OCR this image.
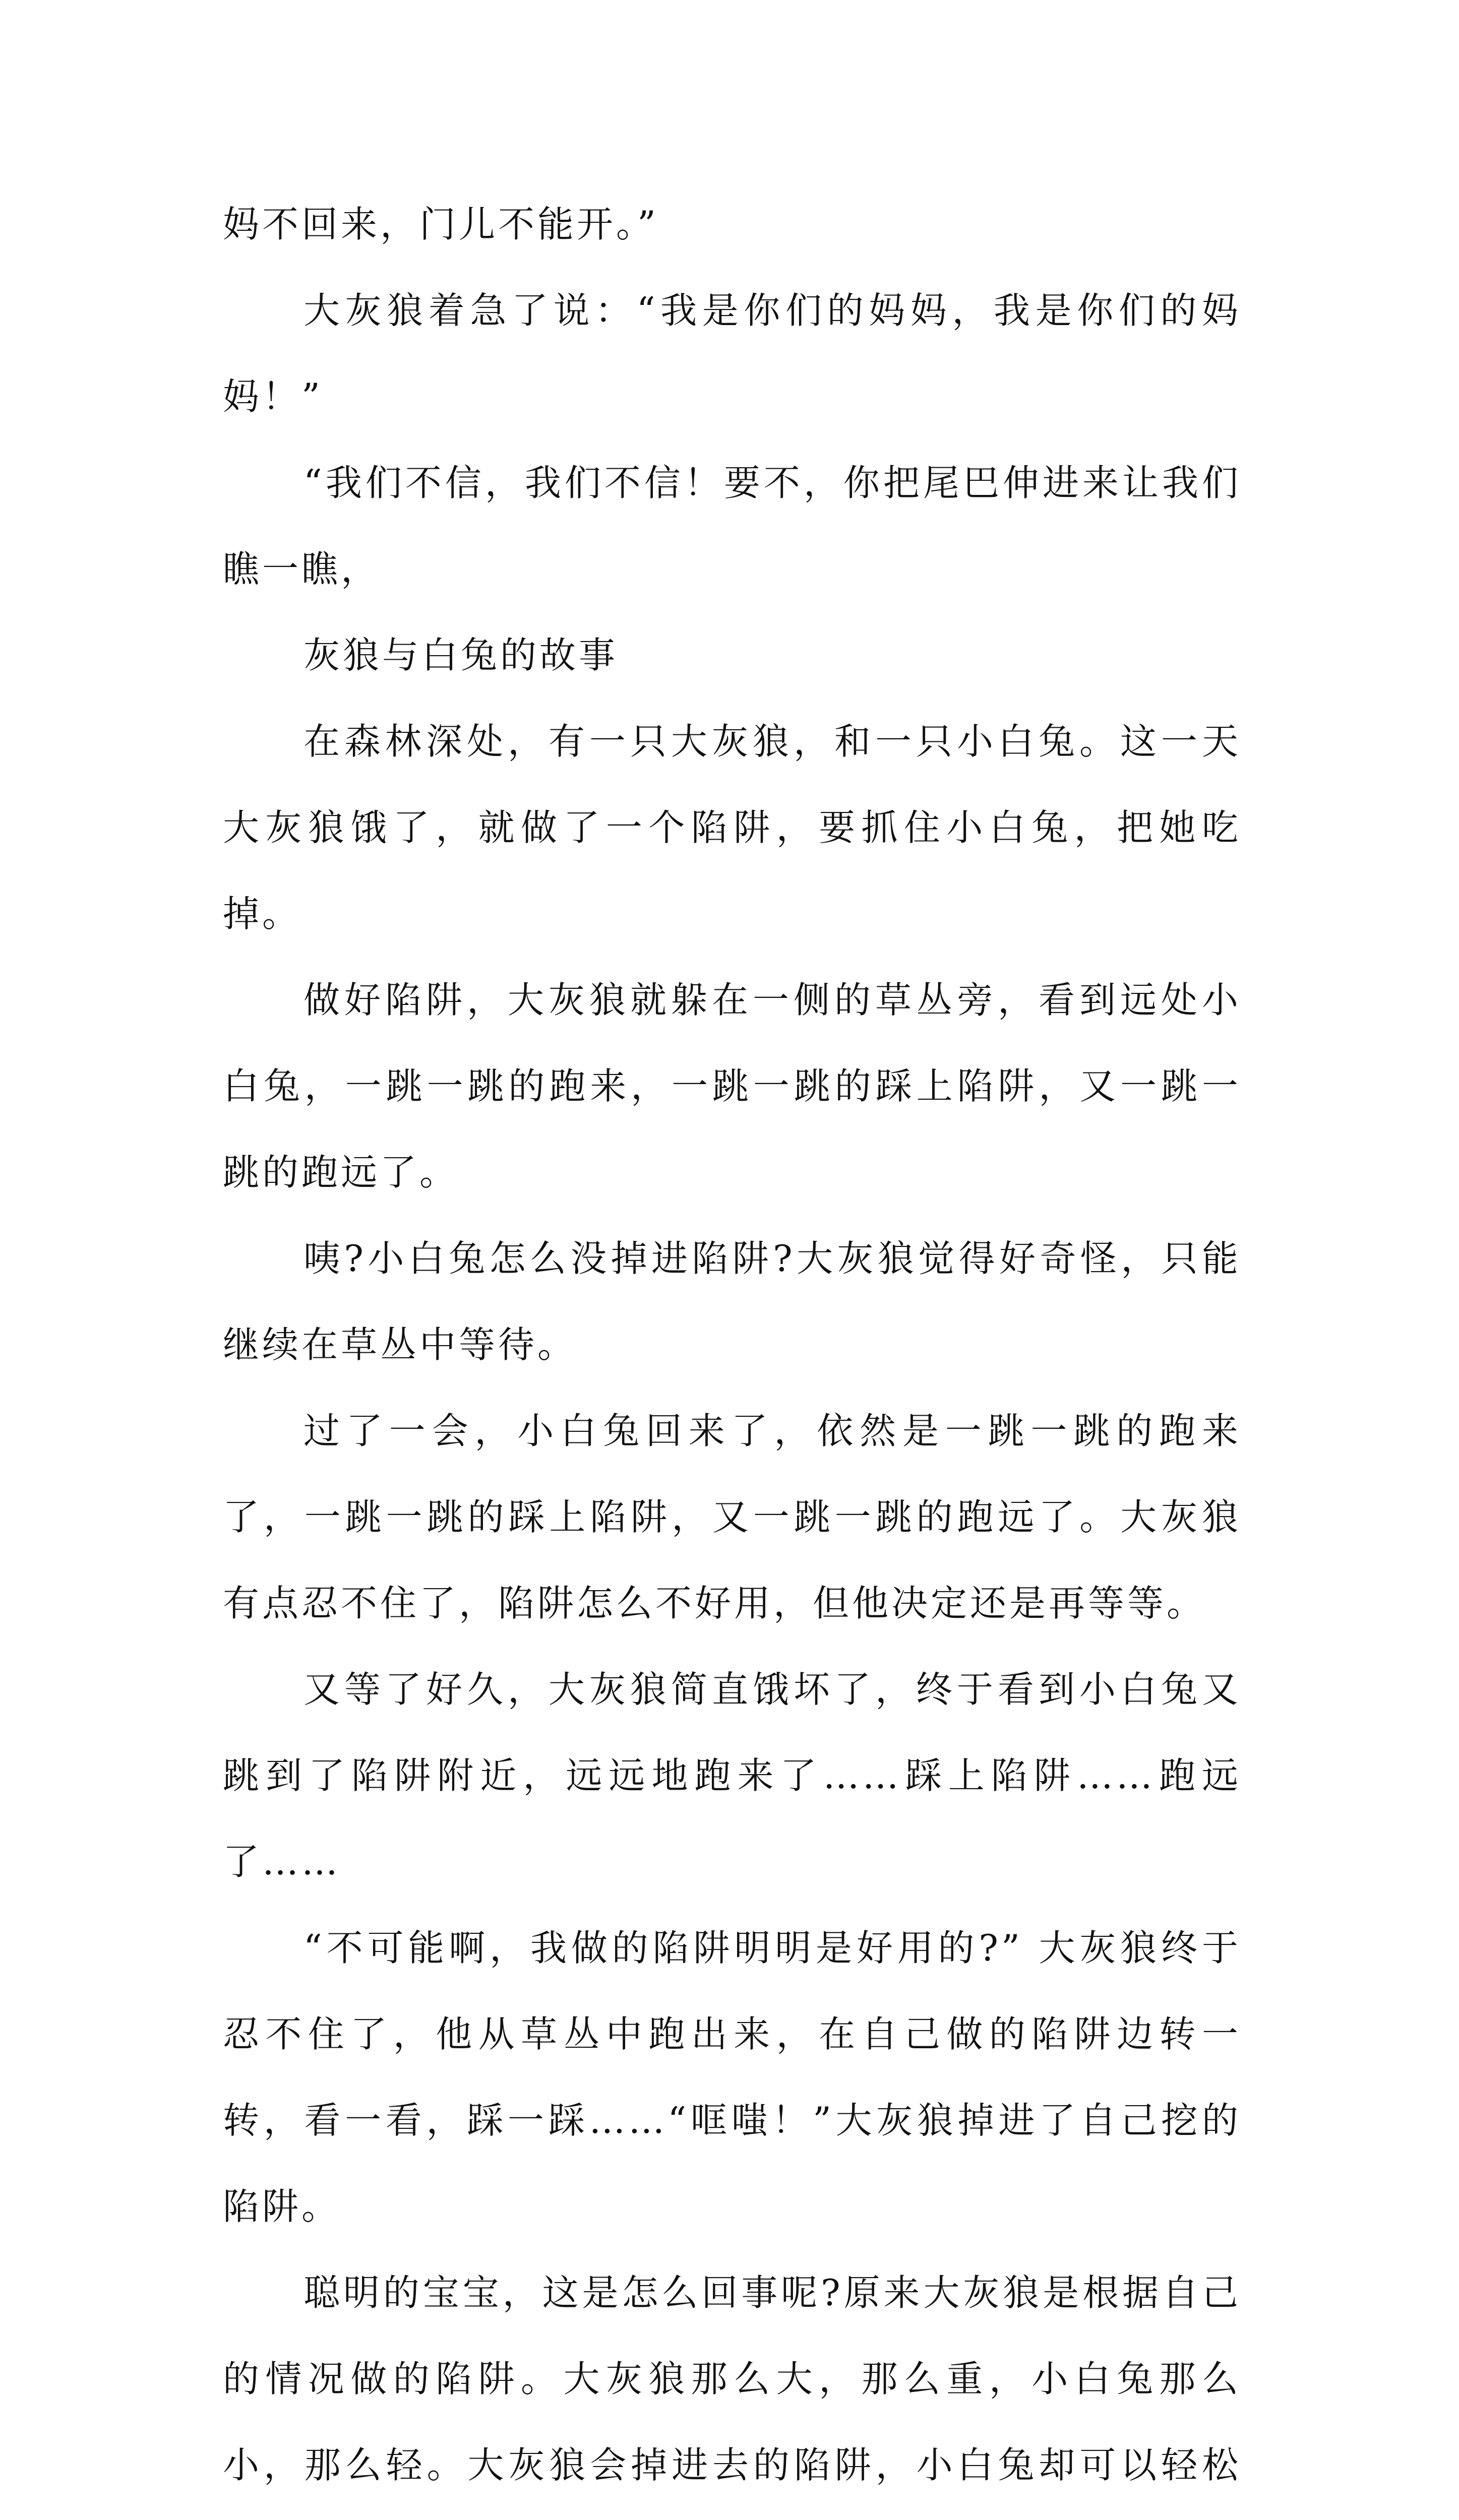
妈不回来，门儿不能开。”

大灰狼着急了说：“我是你们的妈妈，我是你们的妈妈！”

“我们不信，我们不信！要不，你把尾巴伸进来让我们瞧一瞧，

灰狼与白兔的故事

在森林深处，有一只大灰狼，和一只小白兔。这一天大灰狼饿了，就做了一个陷阱，要抓住小白兔，把她吃掉。

做好陷阱，大灰狼就躲在一侧的草丛旁，看到远处小白兔，一跳一跳的跑来，一跳一跳的踩上陷阱，又一跳一跳的跑远了。

咦?小白兔怎么没掉进陷阱?大灰狼觉得好奇怪，只能继续在草丛中等待。

过了一会，小白兔回来了，依然是一跳一跳的跑来了，一跳一跳的踩上陷阱，又一跳一跳的跑远了。大灰狼有点忍不住了，陷阱怎么不好用，但他决定还是再等等。

又等了好久，大灰狼简直饿坏了，终于看到小白兔又跳到了陷阱附近，远远地跑来了……踩上陷阱……跑远了……

“不可能啊，我做的陷阱明明是好用的?” 大灰狼终于忍不住了，他从草丛中跑出来，在自己做的陷阱边转一转，看一看，踩一踩……“哐嗤！”大灰狼掉进了自己挖的陷阱。

聪明的宝宝，这是怎么回事呢?原来大灰狼是根据自己的情况做的陷阱。大灰狼那么大，那么重，小白兔那么小，那么轻。大灰狼会掉进去的陷阱，小白兔却可以轻松
